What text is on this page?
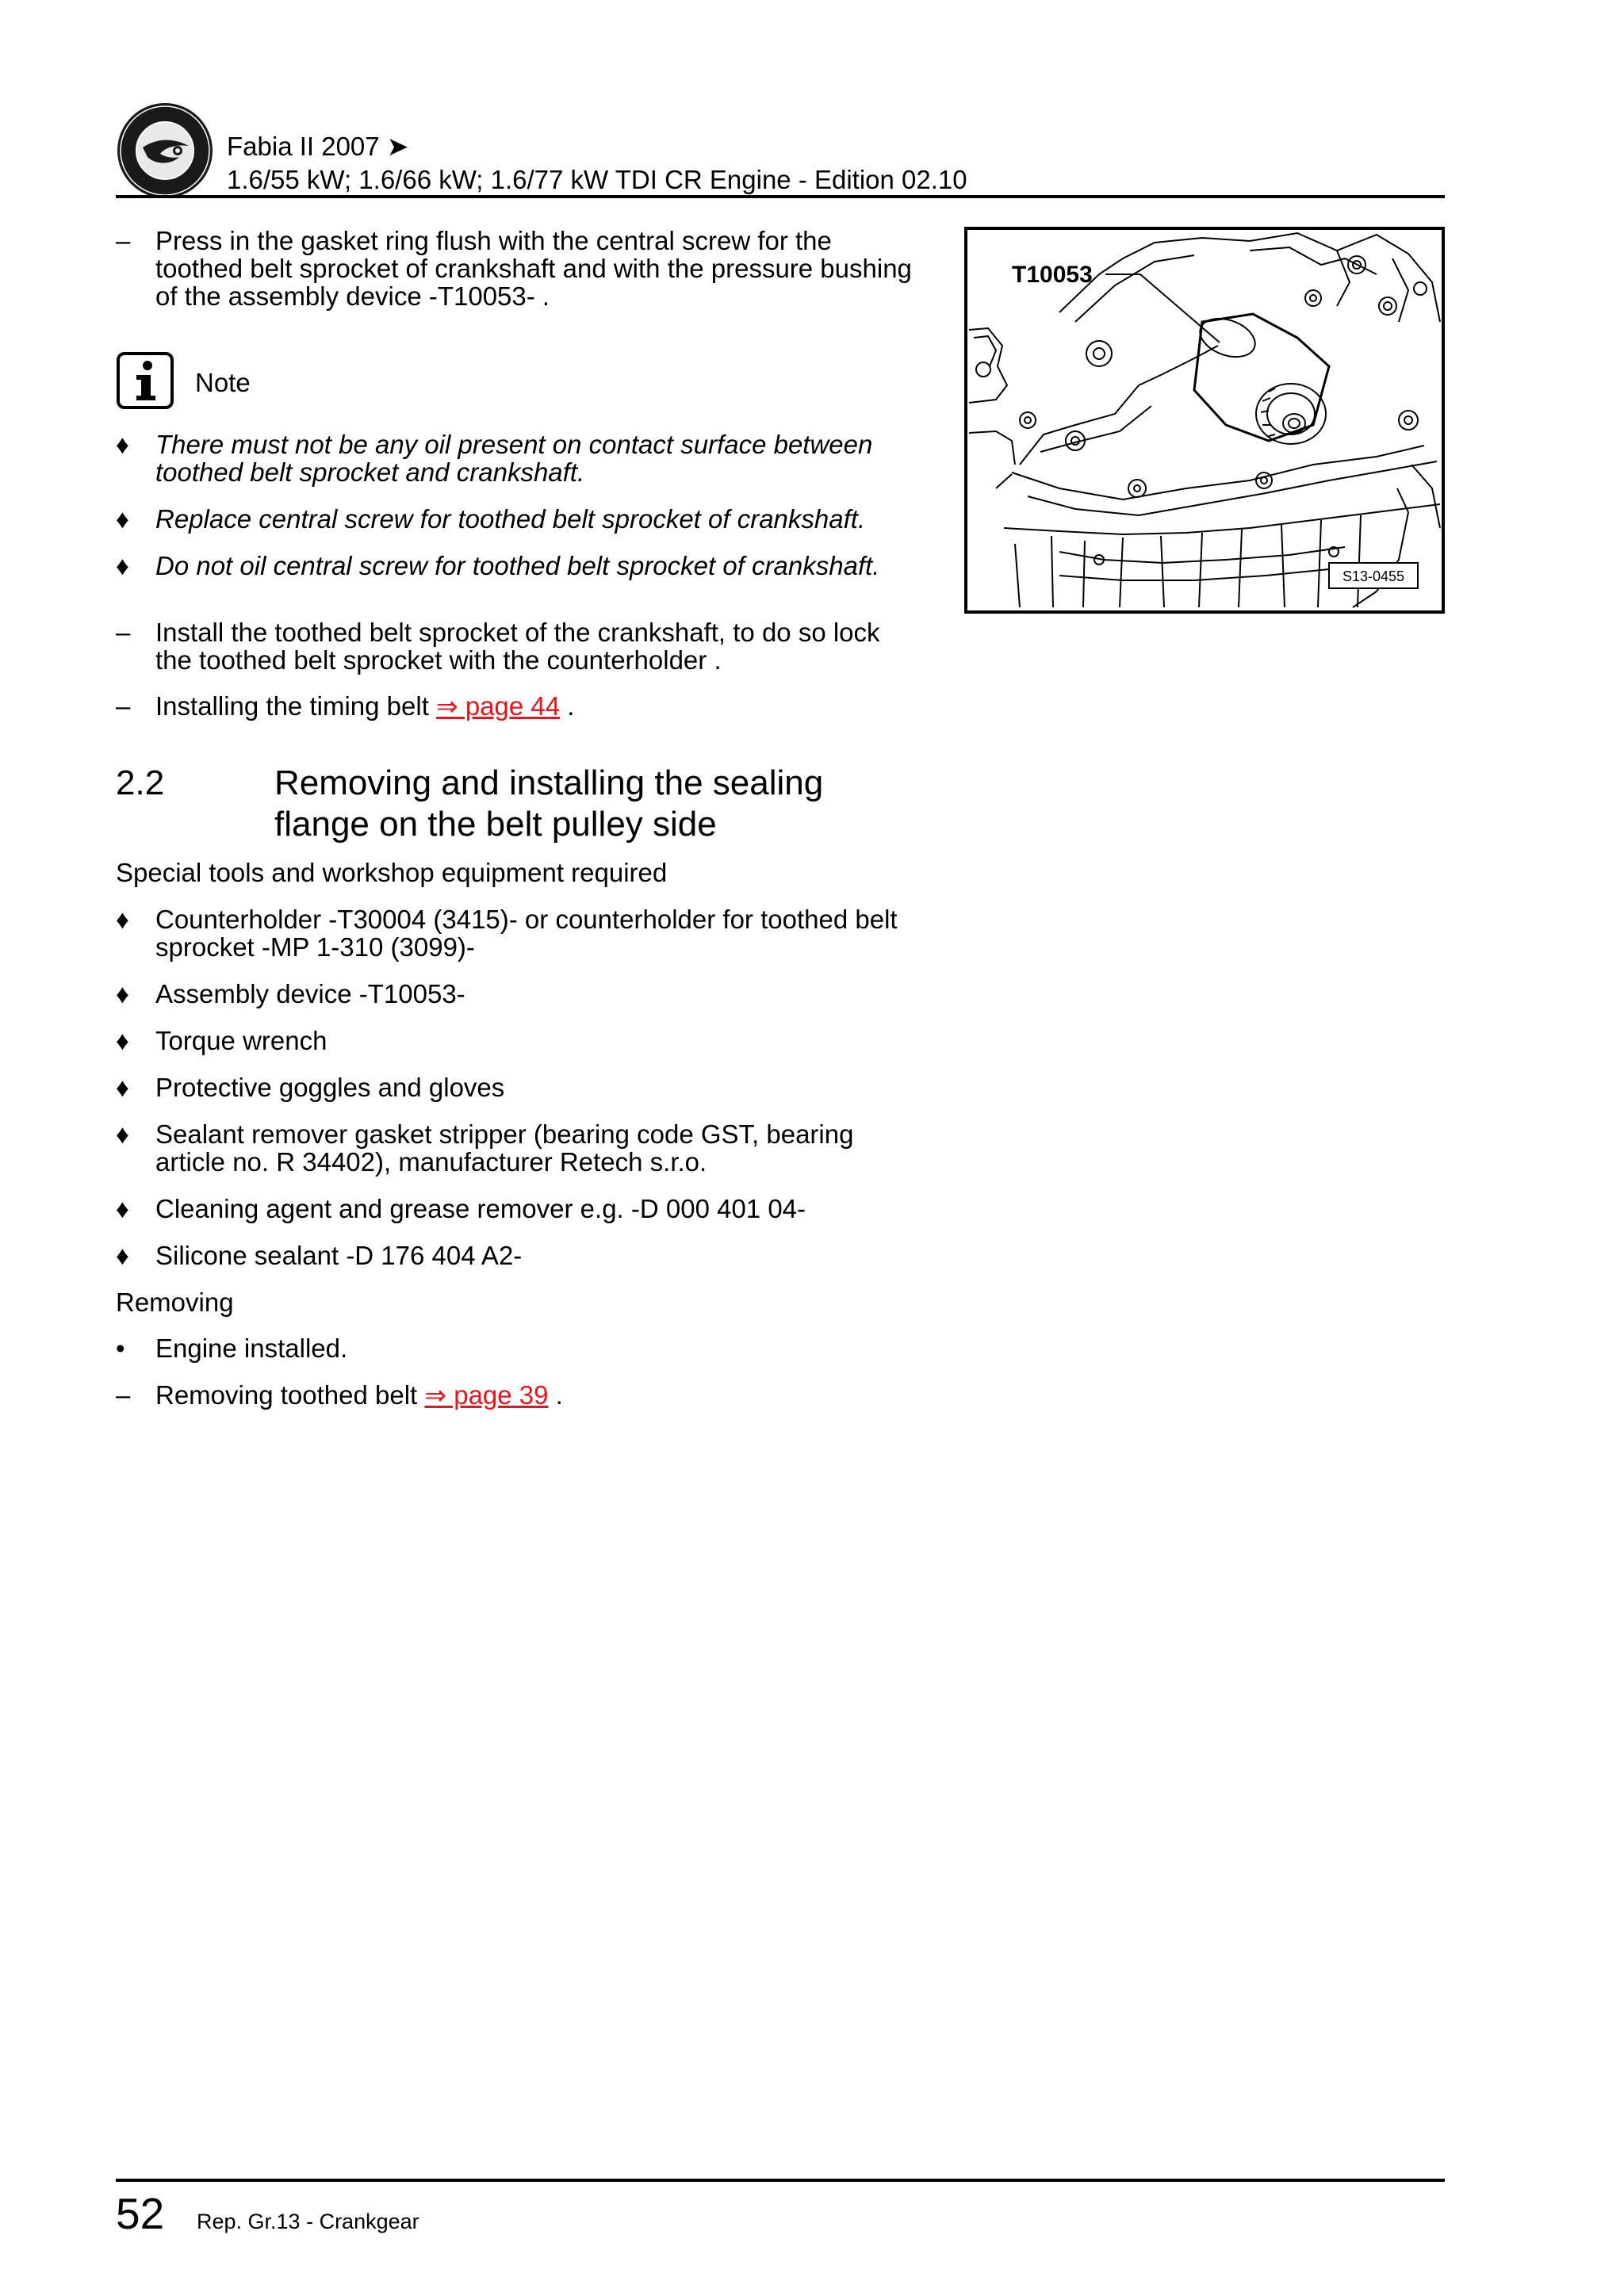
Fabia II 2007 ➤
1.6/55 kW; 1.6/66 kW; 1.6/77 kW TDI CR Engine - Edition 02.10
– Press in the gasket ring flush with the central screw for the toothed belt sprocket of crankshaft and with the pressure bushing of the assembly device -T10053- .
Note
♦	There must not be any oil present on contact surface between toothed belt sprocket and crankshaft.
♦	Replace central screw for toothed belt sprocket of crankshaft.
♦	Do not oil central screw for toothed belt sprocket of crankshaft.
– Install the toothed belt sprocket of the crankshaft, to do so lock the toothed belt sprocket with the counterholder .
– Installing the timing belt ⇒ page 44 .
2.2	Removing and installing the sealing flange on the belt pulley side
Special tools and workshop equipment required
♦	Counterholder -T30004 (3415)- or counterholder for toothed belt sprocket -MP 1-310 (3099)-
♦	Assembly device -T10053-
♦	Torque wrench
♦	Protective goggles and gloves
♦	Sealant remover gasket stripper (bearing code GST, bearing article no. R 34402), manufacturer Retech s.r.o.
♦	Cleaning agent and grease remover e.g. -D 000 401 04-
♦	Silicone sealant -D 176 404 A2-
Removing
•	Engine installed.
– Removing toothed belt ⇒ page 39 .
T10053
S13-0455
52 Rep. Gr.13 - Crankgear
